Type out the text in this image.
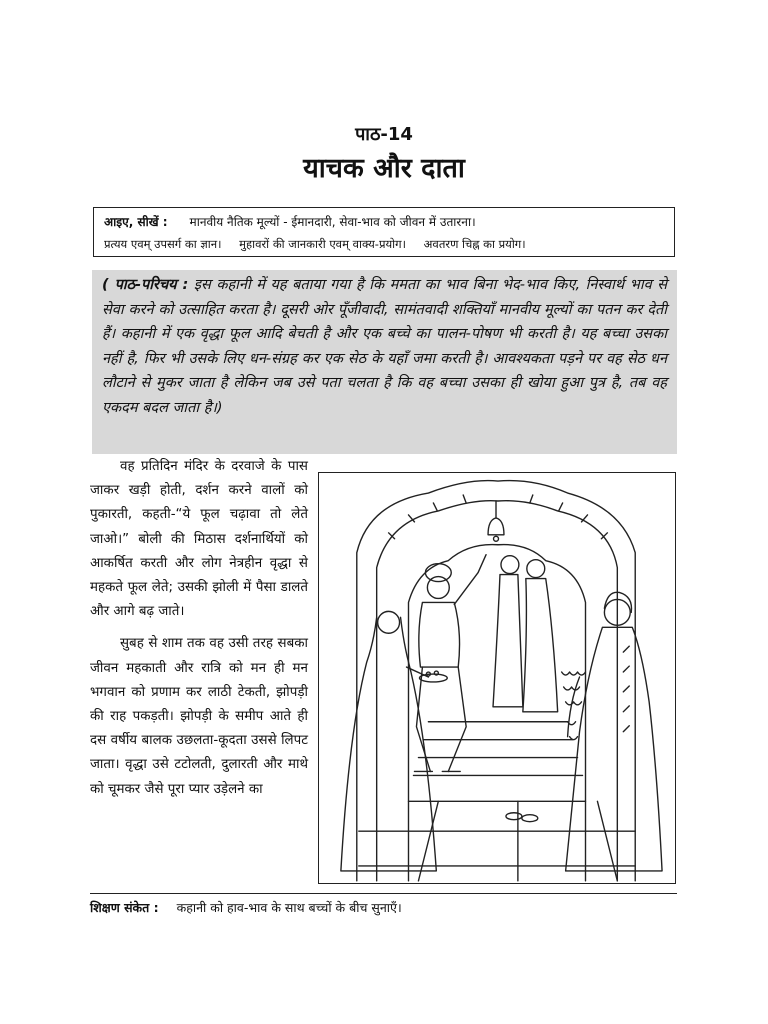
पाठ-14
याचक और दाता
आइए, सीखें : मानवीय नैतिक मूल्यों - ईमानदारी, सेवा-भाव को जीवन में उतारना।
प्रत्यय एवम् उपसर्ग का ज्ञान। मुहावरों की जानकारी एवम् वाक्य-प्रयोग। अवतरण चिह्न का प्रयोग।
( पाठ-परिचय : इस कहानी में यह बताया गया है कि ममता का भाव बिना भेद-भाव किए, निस्वार्थ भाव से सेवा करने को उत्साहित करता है। दूसरी ओर पूँजीवादी, सामंतवादी शक्तियाँ मानवीय मूल्यों का पतन कर देती हैं। कहानी में एक वृद्धा फूल आदि बेचती है और एक बच्चे का पालन-पोषण भी करती है। यह बच्चा उसका नहीं है, फिर भी उसके लिए धन-संग्रह कर एक सेठ के यहाँ जमा करती है। आवश्यकता पड़ने पर वह सेठ धन लौटाने से मुकर जाता है लेकिन जब उसे पता चलता है कि वह बच्चा उसका ही खोया हुआ पुत्र है, तब वह एकदम बदल जाता है।)

वह प्रतिदिन मंदिर के दरवाजे के पास जाकर खड़ी होती, दर्शन करने वालों को पुकारती, कहती-“ये फूल चढ़ावा तो लेते जाओ।” बोली की मिठास दर्शनार्थियों को आकर्षित करती और लोग नेत्रहीन वृद्धा से महकते फूल लेते; उसकी झोली में पैसा डालते और आगे बढ़ जाते।

सुबह से शाम तक वह उसी तरह सबका जीवन महकाती और रात्रि को मन ही मन भगवान को प्रणाम कर लाठी टेकती, झोपड़ी की राह पकड़ती। झोपड़ी के समीप आते ही दस वर्षीय बालक उछलता-कूदता उससे लिपट जाता। वृद्धा उसे टटोलती, दुलारती और माथे को चूमकर जैसे पूरा प्यार उड़ेलने का

शिक्षण संकेत : कहानी को हाव-भाव के साथ बच्चों के बीच सुनाएँ।
